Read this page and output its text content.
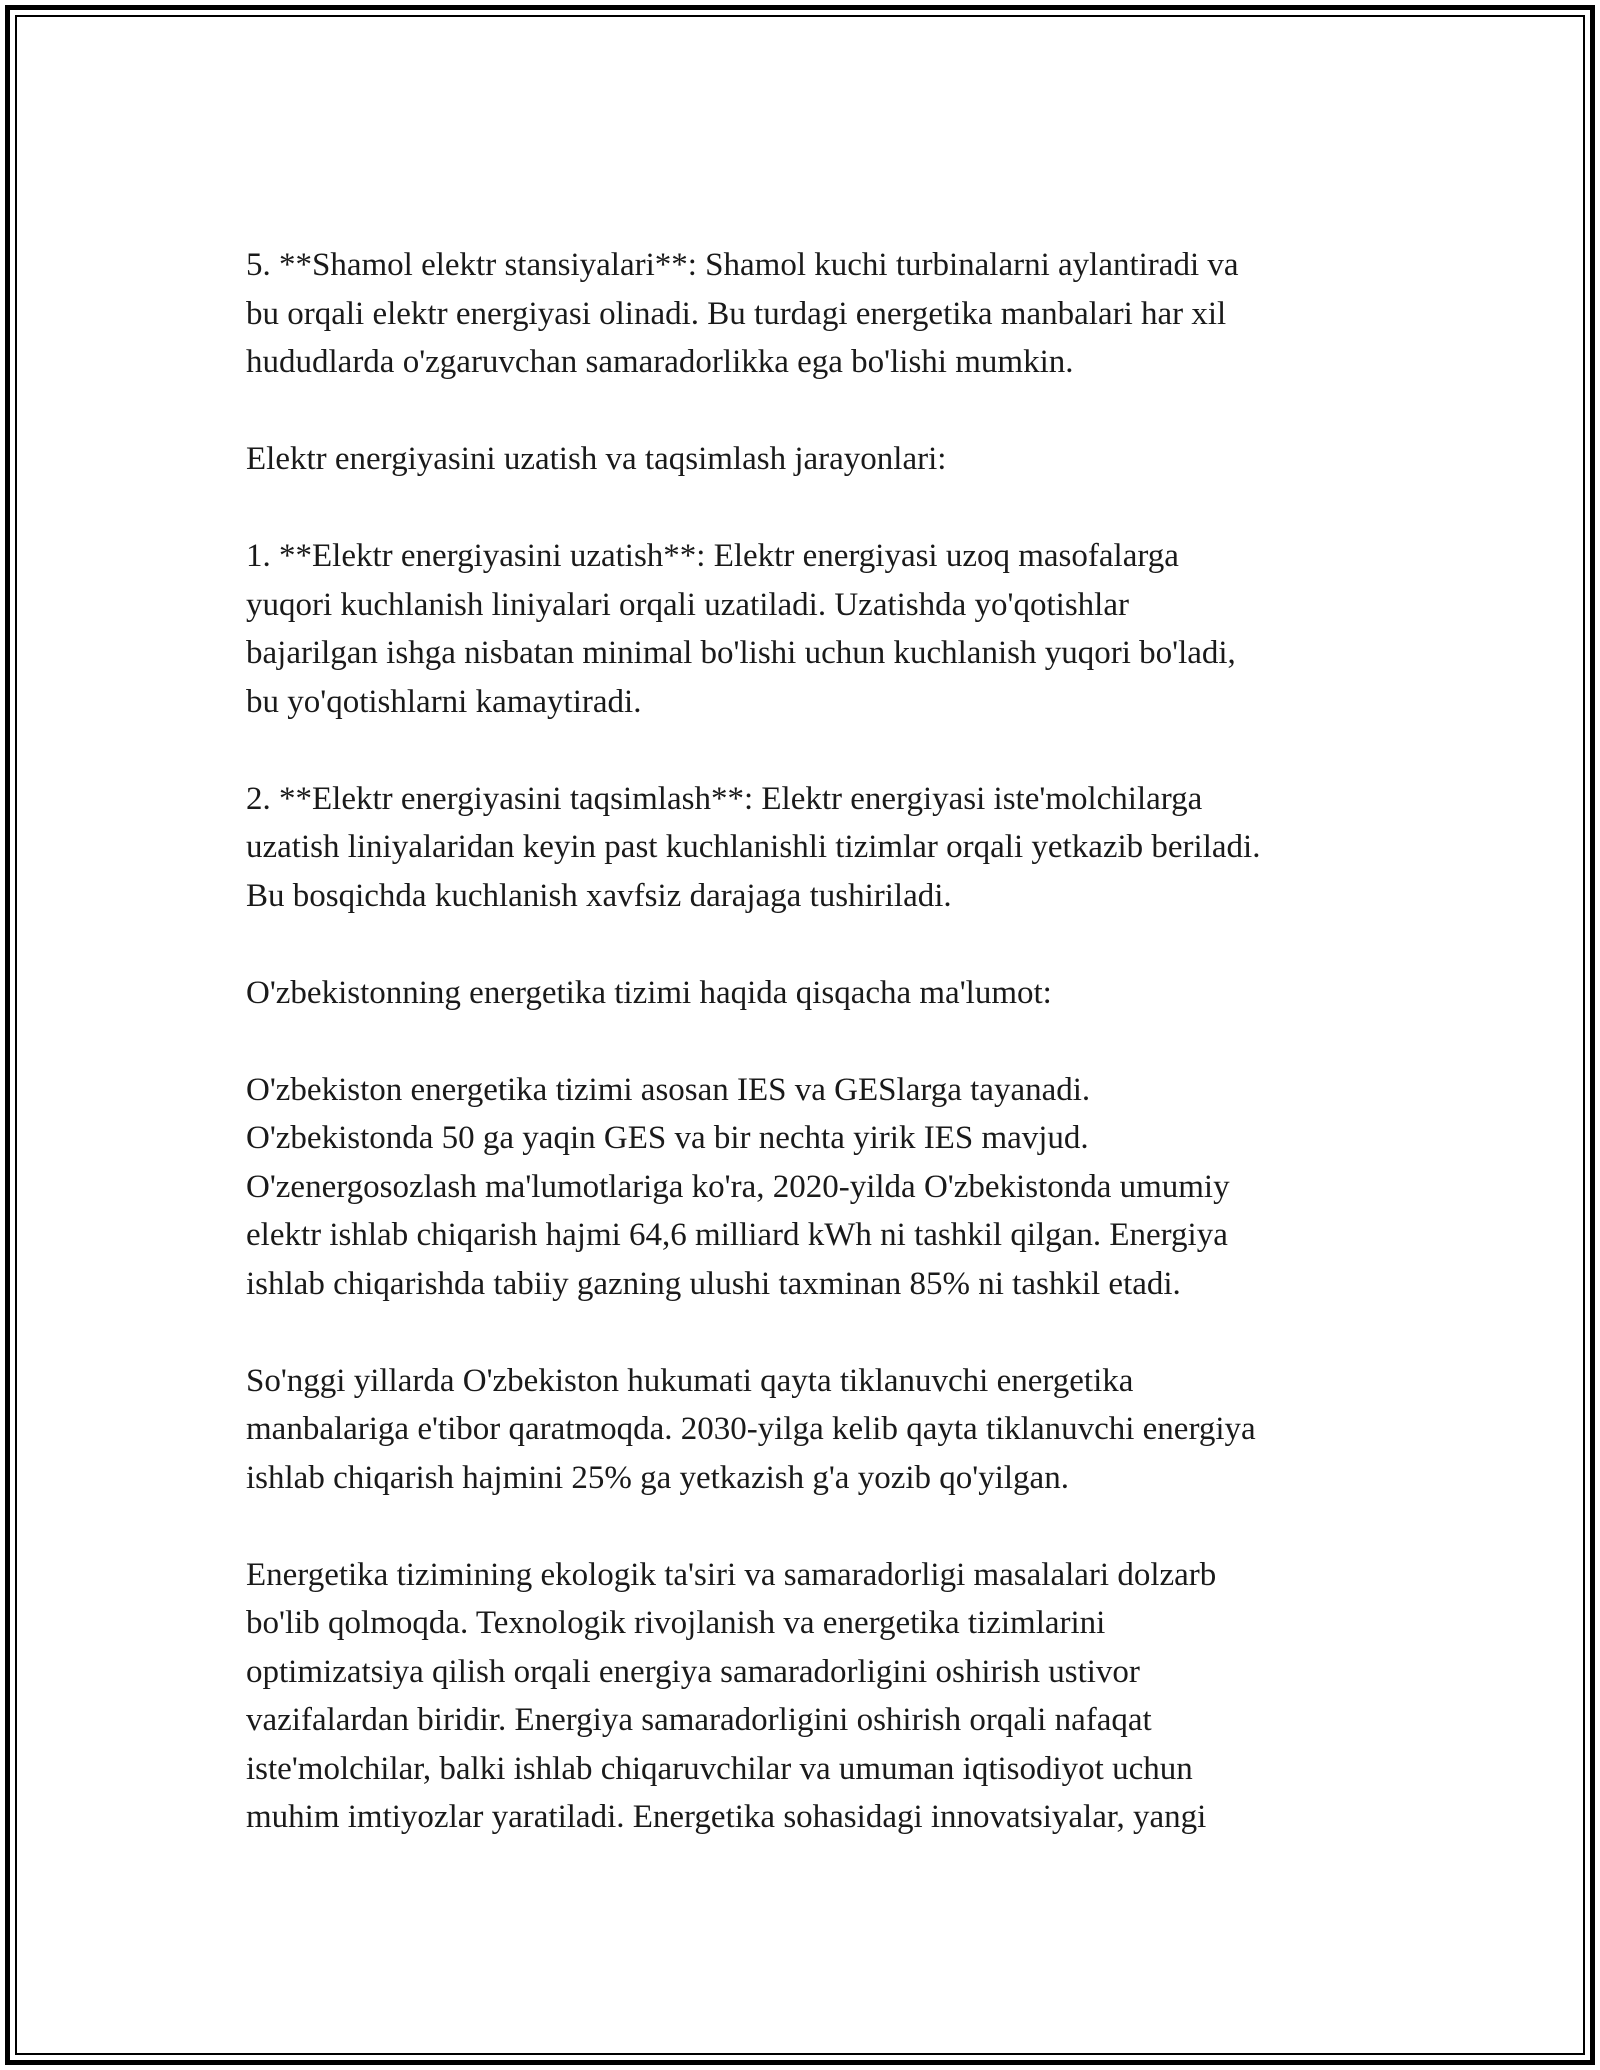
5. **Shamol elektr stansiyalari**: Shamol kuchi turbinalarni aylantiradi va
bu orqali elektr energiyasi olinadi. Bu turdagi energetika manbalari har xil
hududlarda o'zgaruvchan samaradorlikka ega bo'lishi mumkin.

Elektr energiyasini uzatish va taqsimlash jarayonlari:

1. **Elektr energiyasini uzatish**: Elektr energiyasi uzoq masofalarga
yuqori kuchlanish liniyalari orqali uzatiladi. Uzatishda yo'qotishlar
bajarilgan ishga nisbatan minimal bo'lishi uchun kuchlanish yuqori bo'ladi,
bu yo'qotishlarni kamaytiradi.

2. **Elektr energiyasini taqsimlash**: Elektr energiyasi iste'molchilarga
uzatish liniyalaridan keyin past kuchlanishli tizimlar orqali yetkazib beriladi.
Bu bosqichda kuchlanish xavfsiz darajaga tushiriladi.

O'zbekistonning energetika tizimi haqida qisqacha ma'lumot:

O'zbekiston energetika tizimi asosan IES va GESlarga tayanadi.
O'zbekistonda 50 ga yaqin GES va bir nechta yirik IES mavjud.
O'zenergosozlash ma'lumotlariga ko'ra, 2020-yilda O'zbekistonda umumiy
elektr ishlab chiqarish hajmi 64,6 milliard kWh ni tashkil qilgan. Energiya
ishlab chiqarishda tabiiy gazning ulushi taxminan 85% ni tashkil etadi.

So'nggi yillarda O'zbekiston hukumati qayta tiklanuvchi energetika
manbalariga e'tibor qaratmoqda. 2030-yilga kelib qayta tiklanuvchi energiya
ishlab chiqarish hajmini 25% ga yetkazish g'a yozib qo'yilgan.

Energetika tizimining ekologik ta'siri va samaradorligi masalalari dolzarb
bo'lib qolmoqda. Texnologik rivojlanish va energetika tizimlarini
optimizatsiya qilish orqali energiya samaradorligini oshirish ustivor
vazifalardan biridir. Energiya samaradorligini oshirish orqali nafaqat
iste'molchilar, balki ishlab chiqaruvchilar va umuman iqtisodiyot uchun
muhim imtiyozlar yaratiladi. Energetika sohasidagi innovatsiyalar, yangi
